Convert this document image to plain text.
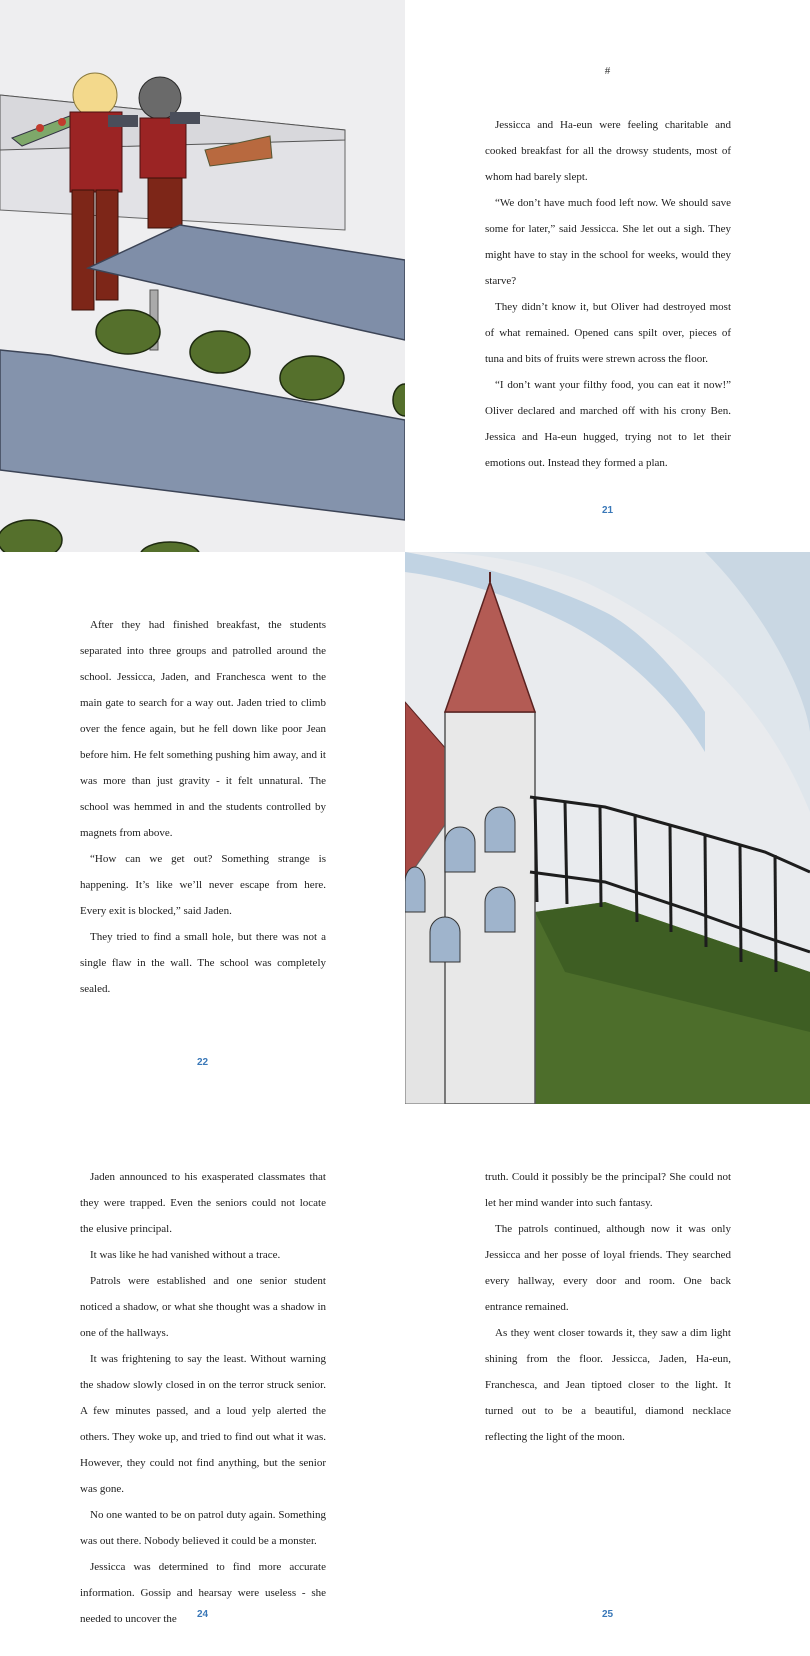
#

Jessicca and Ha-eun were feeling charitable and cooked breakfast for all the drowsy students, most of whom had barely slept.

“We don’t have much food left now. We should save some for later,” said Jessicca. She let out a sigh. They might have to stay in the school for weeks, would they starve?

They didn’t know it, but Oliver had destroyed most of what remained. Opened cans spilt over, pieces of tuna and bits of fruits were strewn across the floor.

“I don’t want your filthy food, you can eat it now!” Oliver declared and marched off with his crony Ben. Jessica and Ha-eun hugged, trying not to let their emotions out. Instead they formed a plan.

21

After they had finished breakfast, the students separated into three groups and patrolled around the school. Jessicca, Jaden, and Franchesca went to the main gate to search for a way out. Jaden tried to climb over the fence again, but he fell down like poor Jean before him. He felt something pushing him away, and it was more than just gravity - it felt unnatural. The school was hemmed in and the students controlled by magnets from above.

“How can we get out? Something strange is happening. It’s like we’ll never escape from here. Every exit is blocked,” said Jaden.

They tried to find a small hole, but there was not a single flaw in the wall. The school was completely sealed.

22

Jaden announced to his exasperated classmates that they were trapped. Even the seniors could not locate the elusive principal.

It was like he had vanished without a trace.

Patrols were established and one senior student noticed a shadow, or what she thought was a shadow in one of the hallways.

It was frightening to say the least. Without warning the shadow slowly closed in on the terror struck senior. A few minutes passed, and a loud yelp alerted the others. They woke up, and tried to find out what it was. However, they could not find anything, but the senior was gone.

No one wanted to be on patrol duty again. Something was out there. Nobody believed it could be a monster.

Jessicca was determined to find more accurate information. Gossip and hearsay were useless - she needed to uncover the	24

truth. Could it possibly be the principal? She could not let her mind wander into such fantasy.

The patrols continued, although now it was only Jessicca and her posse of loyal friends. They searched every hallway, every door and room. One back entrance remained.

As they went closer towards it, they saw a dim light shining from the floor. Jessicca, Jaden, Ha-eun, Franchesca, and Jean tiptoed closer to the light. It turned out to be a beautiful, diamond necklace reflecting the light of the moon.

25
